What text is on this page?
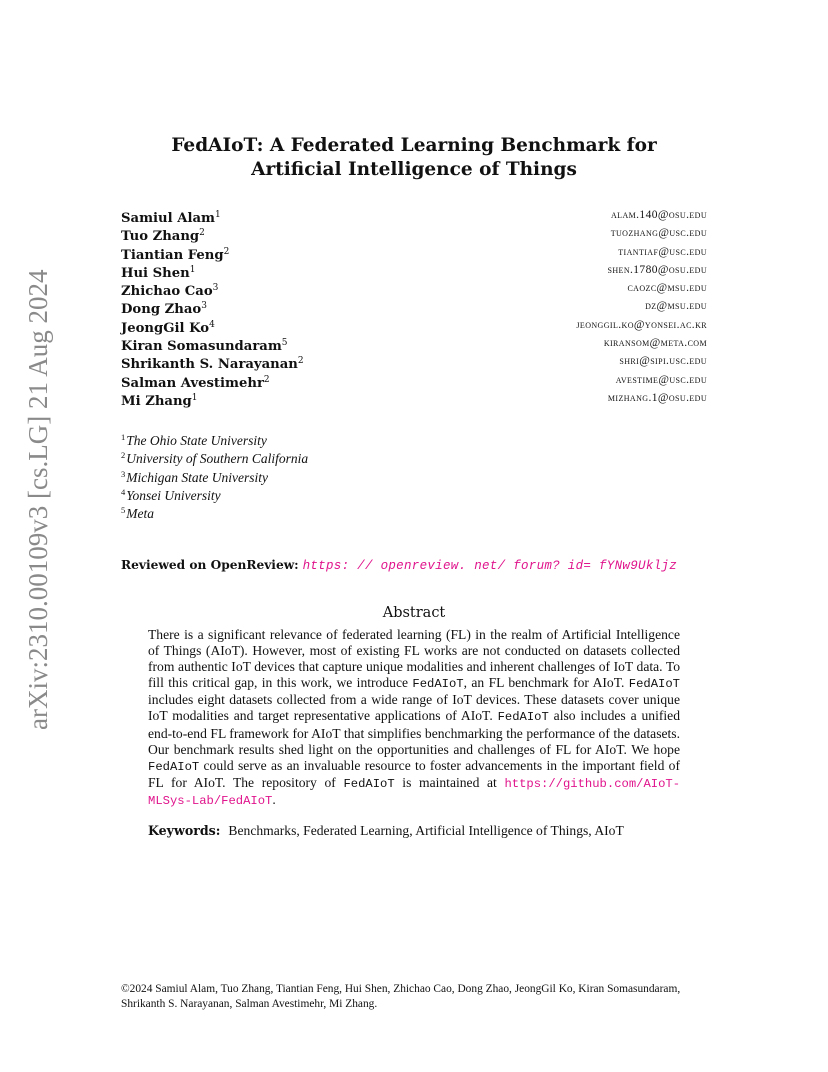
arXiv:2310.00109v3 [cs.LG] 21 Aug 2024
FedAIoT: A Federated Learning Benchmark for
Artificial Intelligence of Things
Samiul Alam$^1$	alam.140@osu.edu
Tuo Zhang$^2$	tuozhang@usc.edu
Tiantian Feng$^2$	tiantiaf@usc.edu
Hui Shen$^1$	shen.1780@osu.edu
Zhichao Cao$^3$	caozc@msu.edu
Dong Zhao$^3$	dz@msu.edu
JeongGil Ko$^4$	jeonggil.ko@yonsei.ac.kr
Kiran Somasundaram$^5$	kiransom@meta.com
Shrikanth S. Narayanan$^2$	shri@sipi.usc.edu
Salman Avestimehr$^2$	avestime@usc.edu
Mi Zhang$^1$	mizhang.1@osu.edu
$^1$The Ohio State University
$^2$University of Southern California
$^3$Michigan State University
$^4$Yonsei University
$^5$Meta
Reviewed on OpenReview: https: // openreview. net/ forum? id= fYNw9Ukljz
Abstract
There is a significant relevance of federated learning (FL) in the realm of Artificial Intelligence of Things (AIoT). However, most of existing FL works are not conducted on datasets collected from authentic IoT devices that capture unique modalities and inherent challenges of IoT data. To fill this critical gap, in this work, we introduce FedAIoT, an FL benchmark for AIoT. FedAIoT includes eight datasets collected from a wide range of IoT devices. These datasets cover unique IoT modalities and target representative applications of AIoT. FedAIoT also includes a unified end-to-end FL framework for AIoT that simplifies benchmarking the performance of the datasets. Our benchmark results shed light on the opportunities and challenges of FL for AIoT. We hope FedAIoT could serve as an invaluable resource to foster advancements in the important field of FL for AIoT. The repository of FedAIoT is maintained at https://github.com/AIoT-MLSys-Lab/FedAIoT.
Keywords: Benchmarks, Federated Learning, Artificial Intelligence of Things, AIoT
©2024 Samiul Alam, Tuo Zhang, Tiantian Feng, Hui Shen, Zhichao Cao, Dong Zhao, JeongGil Ko, Kiran Somasundaram, Shrikanth S. Narayanan, Salman Avestimehr, Mi Zhang.
